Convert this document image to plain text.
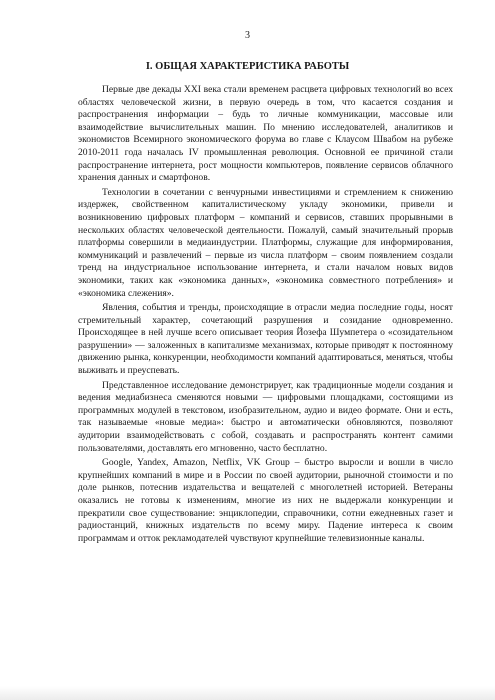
3
I. ОБЩАЯ ХАРАКТЕРИСТИКА РАБОТЫ

Первые две декады XXI века стали временем расцвета цифровых технологий во всех областях человеческой жизни, в первую очередь в том, что касается создания и распространения информации – будь то личные коммуникации, массовые или взаимодействие вычислительных машин. По мнению исследователей, аналитиков и экономистов Всемирного экономического форума во главе с Клаусом Швабом на рубеже 2010-2011 года началась IV промышленная революция. Основной ее причиной стали распространение интернета, рост мощности компьютеров, появление сервисов облачного хранения данных и смартфонов.

Технологии в сочетании с венчурными инвестициями и стремлением к снижению издержек, свойственном капиталистическому укладу экономики, привели и возникновению цифровых платформ – компаний и сервисов, ставших прорывными в нескольких областях человеческой деятельности. Пожалуй, самый значительный прорыв платформы совершили в медиаиндустрии. Платформы, служащие для информирования, коммуникаций и развлечений – первые из числа платформ – своим появлением создали тренд на индустриальное использование интернета, и стали началом новых видов экономики, таких как «экономика данных», «экономика совместного потребления» и «экономика слежения».

Явления, события и тренды, происходящие в отрасли медиа последние годы, носят стремительный характер, сочетающий разрушения и созидание одновременно. Происходящее в ней лучше всего описывает теория Йозефа Шумпетера о «созидательном разрушении» — заложенных в капитализме механизмах, которые приводят к постоянному движению рынка, конкуренции, необходимости компаний адаптироваться, меняться, чтобы выживать и преуспевать.

Представленное исследование демонстрирует, как традиционные модели создания и ведения медиабизнеса сменяются новыми — цифровыми площадками, состоящими из программных модулей в текстовом, изобразительном, аудио и видео формате. Они и есть, так называемые «новые медиа»: быстро и автоматически обновляются, позволяют аудитории взаимодействовать с собой, создавать и распространять контент самими пользователями, доставлять его мгновенно, часто бесплатно.

Google, Yandex, Amazon, Netflix, VK Group – быстро выросли и вошли в число крупнейших компаний в мире и в России по своей аудитории, рыночной стоимости и по доле рынков, потеснив издательства и вещателей с многолетней историей. Ветераны оказались не готовы к изменениям, многие из них не выдержали конкуренции и прекратили свое существование: энциклопедии, справочники, сотни ежедневных газет и радиостанций, книжных издательств по всему миру. Падение интереса к своим программам и отток рекламодателей чувствуют крупнейшие телевизионные каналы.
